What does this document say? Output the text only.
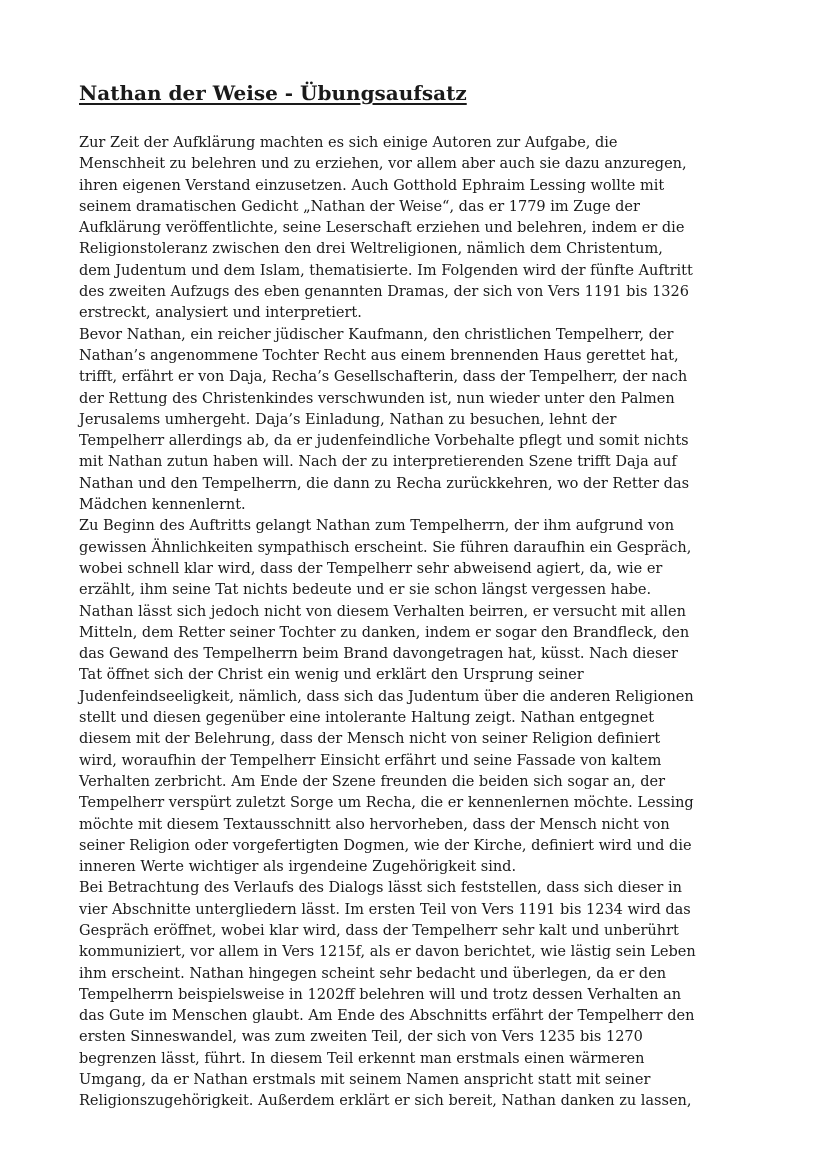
Nathan der Weise - Übungsaufsatz
Zur Zeit der Aufklärung machten es sich einige Autoren zur Aufgabe, die
Menschheit zu belehren und zu erziehen, vor allem aber auch sie dazu anzuregen,
ihren eigenen Verstand einzusetzen. Auch Gotthold Ephraim Lessing wollte mit
seinem dramatischen Gedicht „Nathan der Weise“, das er 1779 im Zuge der
Aufklärung veröffentlichte, seine Leserschaft erziehen und belehren, indem er die
Religionstoleranz zwischen den drei Weltreligionen, nämlich dem Christentum,
dem Judentum und dem Islam, thematisierte. Im Folgenden wird der fünfte Auftritt
des zweiten Aufzugs des eben genannten Dramas, der sich von Vers 1191 bis 1326
erstreckt, analysiert und interpretiert.
Bevor Nathan, ein reicher jüdischer Kaufmann, den christlichen Tempelherr, der
Nathan’s angenommene Tochter Recht aus einem brennenden Haus gerettet hat,
trifft, erfährt er von Daja, Recha’s Gesellschafterin, dass der Tempelherr, der nach
der Rettung des Christenkindes verschwunden ist, nun wieder unter den Palmen
Jerusalems umhergeht. Daja’s Einladung, Nathan zu besuchen, lehnt der
Tempelherr allerdings ab, da er judenfeindliche Vorbehalte pflegt und somit nichts
mit Nathan zutun haben will. Nach der zu interpretierenden Szene trifft Daja auf
Nathan und den Tempelherrn, die dann zu Recha zurückkehren, wo der Retter das
Mädchen kennenlernt.
Zu Beginn des Auftritts gelangt Nathan zum Tempelherrn, der ihm aufgrund von
gewissen Ähnlichkeiten sympathisch erscheint. Sie führen daraufhin ein Gespräch,
wobei schnell klar wird, dass der Tempelherr sehr abweisend agiert, da, wie er
erzählt, ihm seine Tat nichts bedeute und er sie schon längst vergessen habe.
Nathan lässt sich jedoch nicht von diesem Verhalten beirren, er versucht mit allen
Mitteln, dem Retter seiner Tochter zu danken, indem er sogar den Brandfleck, den
das Gewand des Tempelherrn beim Brand davongetragen hat, küsst. Nach dieser
Tat öffnet sich der Christ ein wenig und erklärt den Ursprung seiner
Judenfeindseeligkeit, nämlich, dass sich das Judentum über die anderen Religionen
stellt und diesen gegenüber eine intolerante Haltung zeigt. Nathan entgegnet
diesem mit der Belehrung, dass der Mensch nicht von seiner Religion definiert
wird, woraufhin der Tempelherr Einsicht erfährt und seine Fassade von kaltem
Verhalten zerbricht. Am Ende der Szene freunden die beiden sich sogar an, der
Tempelherr verspürt zuletzt Sorge um Recha, die er kennenlernen möchte. Lessing
möchte mit diesem Textausschnitt also hervorheben, dass der Mensch nicht von
seiner Religion oder vorgefertigten Dogmen, wie der Kirche, definiert wird und die
inneren Werte wichtiger als irgendeine Zugehörigkeit sind.
Bei Betrachtung des Verlaufs des Dialogs lässt sich feststellen, dass sich dieser in
vier Abschnitte untergliedern lässt. Im ersten Teil von Vers 1191 bis 1234 wird das
Gespräch eröffnet, wobei klar wird, dass der Tempelherr sehr kalt und unberührt
kommuniziert, vor allem in Vers 1215f, als er davon berichtet, wie lästig sein Leben
ihm erscheint. Nathan hingegen scheint sehr bedacht und überlegen, da er den
Tempelherrn beispielsweise in 1202ff belehren will und trotz dessen Verhalten an
das Gute im Menschen glaubt. Am Ende des Abschnitts erfährt der Tempelherr den
ersten Sinneswandel, was zum zweiten Teil, der sich von Vers 1235 bis 1270
begrenzen lässt, führt. In diesem Teil erkennt man erstmals einen wärmeren
Umgang, da er Nathan erstmals mit seinem Namen anspricht statt mit seiner
Religionszugehörigkeit. Außerdem erklärt er sich bereit, Nathan danken zu lassen,
